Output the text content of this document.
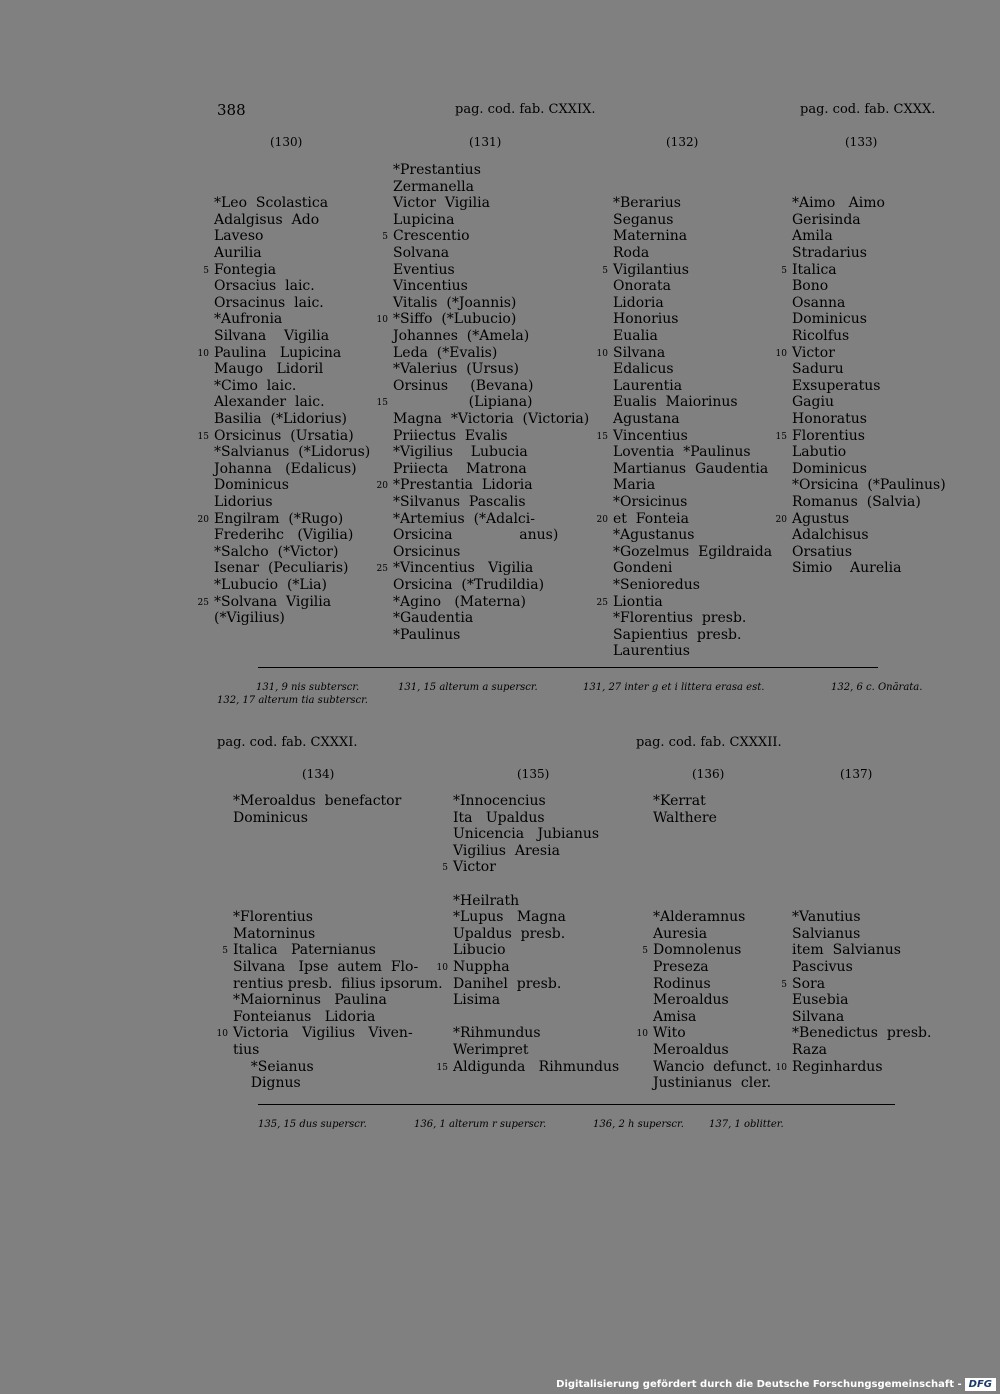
388	pag. cod. fab. CXXIX.	pag. cod. fab. CXXX.
(130)	(131)	(132)	(133)
*Leo  Scolastica
Adalgisus  Ado
Laveso
Aurilia
Fontegia
Orsacius  laic.
Orsacinus  laic.
*Aufronia
Silvana    Vigilia
Paulina   Lupicina
Maugo   Lidoril
*Cimo  laic.
Alexander  laic.
Basilia  (*Lidorius)
Orsicinus  (Ursatia)
*Salvianus  (*Lidorus)
Johanna   (Edalicus)
Dominicus
Lidorius
Engilram  (*Rugo)
Frederihc   (Vigilia)
*Salcho  (*Victor)
Isenar  (Peculiaris)
*Lubucio  (*Lia)
*Solvana  Vigilia
(*Vigilius)
5
10
15
20
25
*Prestantius
Zermanella
Victor  Vigilia
Lupicina
Crescentio
Solvana
Eventius
Vincentius
Vitalis  (*Joannis)
*Siffo  (*Lubucio)
Johannes  (*Amela)
Leda  (*Evalis)
*Valerius  (Ursus)
Orsinus     (Bevana)
(Lipiana)
Magna  *Victoria  (Victoria)
Priiectus  Evalis
*Vigilius    Lubucia
Priiecta    Matrona
*Prestantia  Lidoria
*Silvanus  Pascalis
*Artemius  (*Adalci-
Orsicina               anus)
Orsicinus
*Vincentius   Vigilia
Orsicina  (*Trudildia)
*Agino   (Materna)
*Gaudentia
*Paulinus
5
10
15
20
25
*Berarius
Seganus
Maternina
Roda
Vigilantius
Onorata
Lidoria
Honorius
Eualia
Silvana
Edalicus
Laurentia
Eualis  Maiorinus
Agustana
Vincentius
Loventia  *Paulinus
Martianus  Gaudentia
Maria
*Orsicinus
et  Fonteia
*Agustanus
*Gozelmus  Egildraida
Gondeni
*Senioredus
Liontia
*Florentius  presb.
Sapientius  presb.
Laurentius
5
10
15
20
25
*Aimo   Aimo
Gerisinda
Amila
Stradarius
Italica
Bono
Osanna
Dominicus
Ricolfus
Victor
Saduru
Exsuperatus
Gagiu
Honoratus
Florentius
Labutio
Dominicus
*Orsicina  (*Paulinus)
Romanus  (Salvia)
Agustus
Adalchisus
Orsatius
Simio    Aurelia
5
10
15
20
131, 9 nis subterscr.	131, 15 alterum a superscr.	131, 27 inter g et i littera erasa est.	132, 6 c. Onărata.
132, 17 alterum tia subterscr.
pag. cod. fab. CXXXI.	pag. cod. fab. CXXXII.
(134)	(135)	(136)	(137)
*Meroaldus  benefactor
Dominicus
*Florentius
Matorninus
Italica   Paternianus
Silvana   Ipse  autem  Flo-
rentius presb.  filius ipsorum.
*Maiorninus   Paulina
Fonteianus   Lidoria
Victoria   Vigilius   Viven-
tius
*Seianus
Dignus
5
10
*Innocencius
Ita   Upaldus
Unicencia   Jubianus
Vigilius  Aresia
Victor
*Heilrath
*Lupus   Magna
Upaldus  presb.
Libucio
Nuppha
Danihel  presb.
Lisima
*Rihmundus
Werimpret
Aldigunda   Rihmundus
5
10
15
*Kerrat
Walthere
*Alderamnus
Auresia
Domnolenus
Preseza
Rodinus
Meroaldus
Amisa
Wito
Meroaldus
Wancio  defunct.
Justinianus  cler.
5
10
*Vanutius
Salvianus
item  Salvianus
Pascivus
Sora
Eusebia
Silvana
*Benedictus  presb.
Raza
Reginhardus
5
10
135, 15 dus superscr.	136, 1 alterum r superscr.	136, 2 h superscr.	137, 1 oblitter.
Digitalisierung gefördert durch die Deutsche Forschungsgemeinschaft - DFG
